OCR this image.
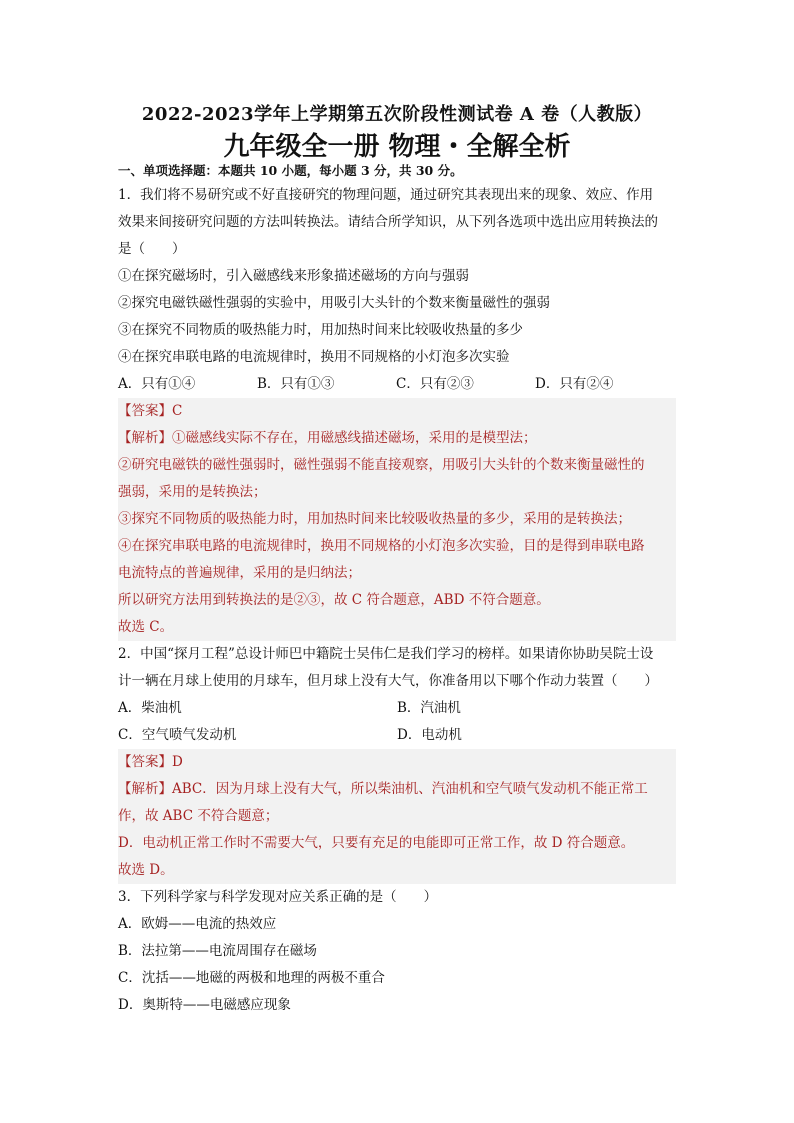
2022-2023学年上学期第五次阶段性测试卷 A 卷（人教版）
九年级全一册 物理・全解全析
一、单项选择题：本题共 10 小题，每小题 3 分，共 30 分。
1．我们将不易研究或不好直接研究的物理问题，通过研究其表现出来的现象、效应、作用
效果来间接研究问题的方法叫转换法。请结合所学知识，从下列各选项中选出应用转换法的
是（　　）
①在探究磁场时，引入磁感线来形象描述磁场的方向与强弱
②探究电磁铁磁性强弱的实验中，用吸引大头针的个数来衡量磁性的强弱
③在探究不同物质的吸热能力时，用加热时间来比较吸收热量的多少
④在探究串联电路的电流规律时，换用不同规格的小灯泡多次实验
A．只有①④	B．只有①③	C．只有②③	D．只有②④
【答案】C
【解析】①磁感线实际不存在，用磁感线描述磁场，采用的是模型法；
②研究电磁铁的磁性强弱时，磁性强弱不能直接观察，用吸引大头针的个数来衡量磁性的
强弱，采用的是转换法；
③探究不同物质的吸热能力时，用加热时间来比较吸收热量的多少，采用的是转换法；
④在探究串联电路的电流规律时，换用不同规格的小灯泡多次实验，目的是得到串联电路
电流特点的普遍规律，采用的是归纳法；
所以研究方法用到转换法的是②③，故 C 符合题意，ABD 不符合题意。
故选 C。
2．中国“探月工程”总设计师巴中籍院士吴伟仁是我们学习的榜样。如果请你协助吴院士设
计一辆在月球上使用的月球车，但月球上没有大气，你准备用以下哪个作动力装置（　　）
A．柴油机	B．汽油机
C．空气喷气发动机	D．电动机
【答案】D
【解析】ABC．因为月球上没有大气，所以柴油机、汽油机和空气喷气发动机不能正常工
作，故 ABC 不符合题意；
D．电动机正常工作时不需要大气，只要有充足的电能即可正常工作，故 D 符合题意。
故选 D。
3．下列科学家与科学发现对应关系正确的是（　　）
A．欧姆——电流的热效应
B．法拉第——电流周围存在磁场
C．沈括——地磁的两极和地理的两极不重合
D．奥斯特——电磁感应现象
